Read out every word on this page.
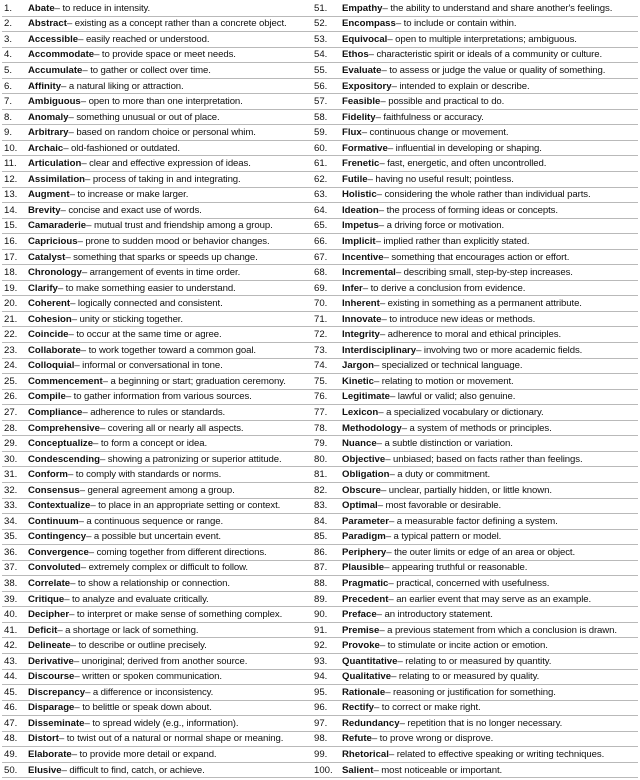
1.	Abate – to reduce in intensity.
2.	Abstract – existing as a concept rather than a concrete object.
3.	Accessible – easily reached or understood.
4.	Accommodate – to provide space or meet needs.
5.	Accumulate – to gather or collect over time.
6.	Affinity – a natural liking or attraction.
7.	Ambiguous – open to more than one interpretation.
8.	Anomaly – something unusual or out of place.
9.	Arbitrary – based on random choice or personal whim.
10.	Archaic – old-fashioned or outdated.
11.	Articulation – clear and effective expression of ideas.
12.	Assimilation – process of taking in and integrating.
13.	Augment – to increase or make larger.
14.	Brevity – concise and exact use of words.
15.	Camaraderie – mutual trust and friendship among a group.
16.	Capricious – prone to sudden mood or behavior changes.
17.	Catalyst – something that sparks or speeds up change.
18.	Chronology – arrangement of events in time order.
19.	Clarify – to make something easier to understand.
20.	Coherent – logically connected and consistent.
21.	Cohesion – unity or sticking together.
22.	Coincide – to occur at the same time or agree.
23.	Collaborate – to work together toward a common goal.
24.	Colloquial – informal or conversational in tone.
25.	Commencement – a beginning or start; graduation ceremony.
26.	Compile – to gather information from various sources.
27.	Compliance – adherence to rules or standards.
28.	Comprehensive – covering all or nearly all aspects.
29.	Conceptualize – to form a concept or idea.
30.	Condescending – showing a patronizing or superior attitude.
31.	Conform – to comply with standards or norms.
32.	Consensus – general agreement among a group.
33.	Contextualize – to place in an appropriate setting or context.
34.	Continuum – a continuous sequence or range.
35.	Contingency – a possible but uncertain event.
36.	Convergence – coming together from different directions.
37.	Convoluted – extremely complex or difficult to follow.
38.	Correlate – to show a relationship or connection.
39.	Critique – to analyze and evaluate critically.
40.	Decipher – to interpret or make sense of something complex.
41.	Deficit – a shortage or lack of something.
42.	Delineate – to describe or outline precisely.
43.	Derivative – unoriginal; derived from another source.
44.	Discourse – written or spoken communication.
45.	Discrepancy – a difference or inconsistency.
46.	Disparage – to belittle or speak down about.
47.	Disseminate – to spread widely (e.g., information).
48.	Distort – to twist out of a natural or normal shape or meaning.
49.	Elaborate – to provide more detail or expand.
50.	Elusive – difficult to find, catch, or achieve.
51.	Empathy – the ability to understand and share another's feelings.
52.	Encompass – to include or contain within.
53.	Equivocal – open to multiple interpretations; ambiguous.
54.	Ethos – characteristic spirit or ideals of a community or culture.
55.	Evaluate – to assess or judge the value or quality of something.
56.	Expository – intended to explain or describe.
57.	Feasible – possible and practical to do.
58.	Fidelity – faithfulness or accuracy.
59.	Flux – continuous change or movement.
60.	Formative – influential in developing or shaping.
61.	Frenetic – fast, energetic, and often uncontrolled.
62.	Futile – having no useful result; pointless.
63.	Holistic – considering the whole rather than individual parts.
64.	Ideation – the process of forming ideas or concepts.
65.	Impetus – a driving force or motivation.
66.	Implicit – implied rather than explicitly stated.
67.	Incentive – something that encourages action or effort.
68.	Incremental – describing small, step-by-step increases.
69.	Infer – to derive a conclusion from evidence.
70.	Inherent – existing in something as a permanent attribute.
71.	Innovate – to introduce new ideas or methods.
72.	Integrity – adherence to moral and ethical principles.
73.	Interdisciplinary – involving two or more academic fields.
74.	Jargon – specialized or technical language.
75.	Kinetic – relating to motion or movement.
76.	Legitimate – lawful or valid; also genuine.
77.	Lexicon – a specialized vocabulary or dictionary.
78.	Methodology – a system of methods or principles.
79.	Nuance – a subtle distinction or variation.
80.	Objective – unbiased; based on facts rather than feelings.
81.	Obligation – a duty or commitment.
82.	Obscure – unclear, partially hidden, or little known.
83.	Optimal – most favorable or desirable.
84.	Parameter – a measurable factor defining a system.
85.	Paradigm – a typical pattern or model.
86.	Periphery – the outer limits or edge of an area or object.
87.	Plausible – appearing truthful or reasonable.
88.	Pragmatic – practical, concerned with usefulness.
89.	Precedent – an earlier event that may serve as an example.
90.	Preface – an introductory statement.
91.	Premise – a previous statement from which a conclusion is drawn.
92.	Provoke – to stimulate or incite action or emotion.
93.	Quantitative – relating to or measured by quantity.
94.	Qualitative – relating to or measured by quality.
95.	Rationale – reasoning or justification for something.
96.	Rectify – to correct or make right.
97.	Redundancy – repetition that is no longer necessary.
98.	Refute – to prove wrong or disprove.
99.	Rhetorical – related to effective speaking or writing techniques.
100. Salient – most noticeable or important.
